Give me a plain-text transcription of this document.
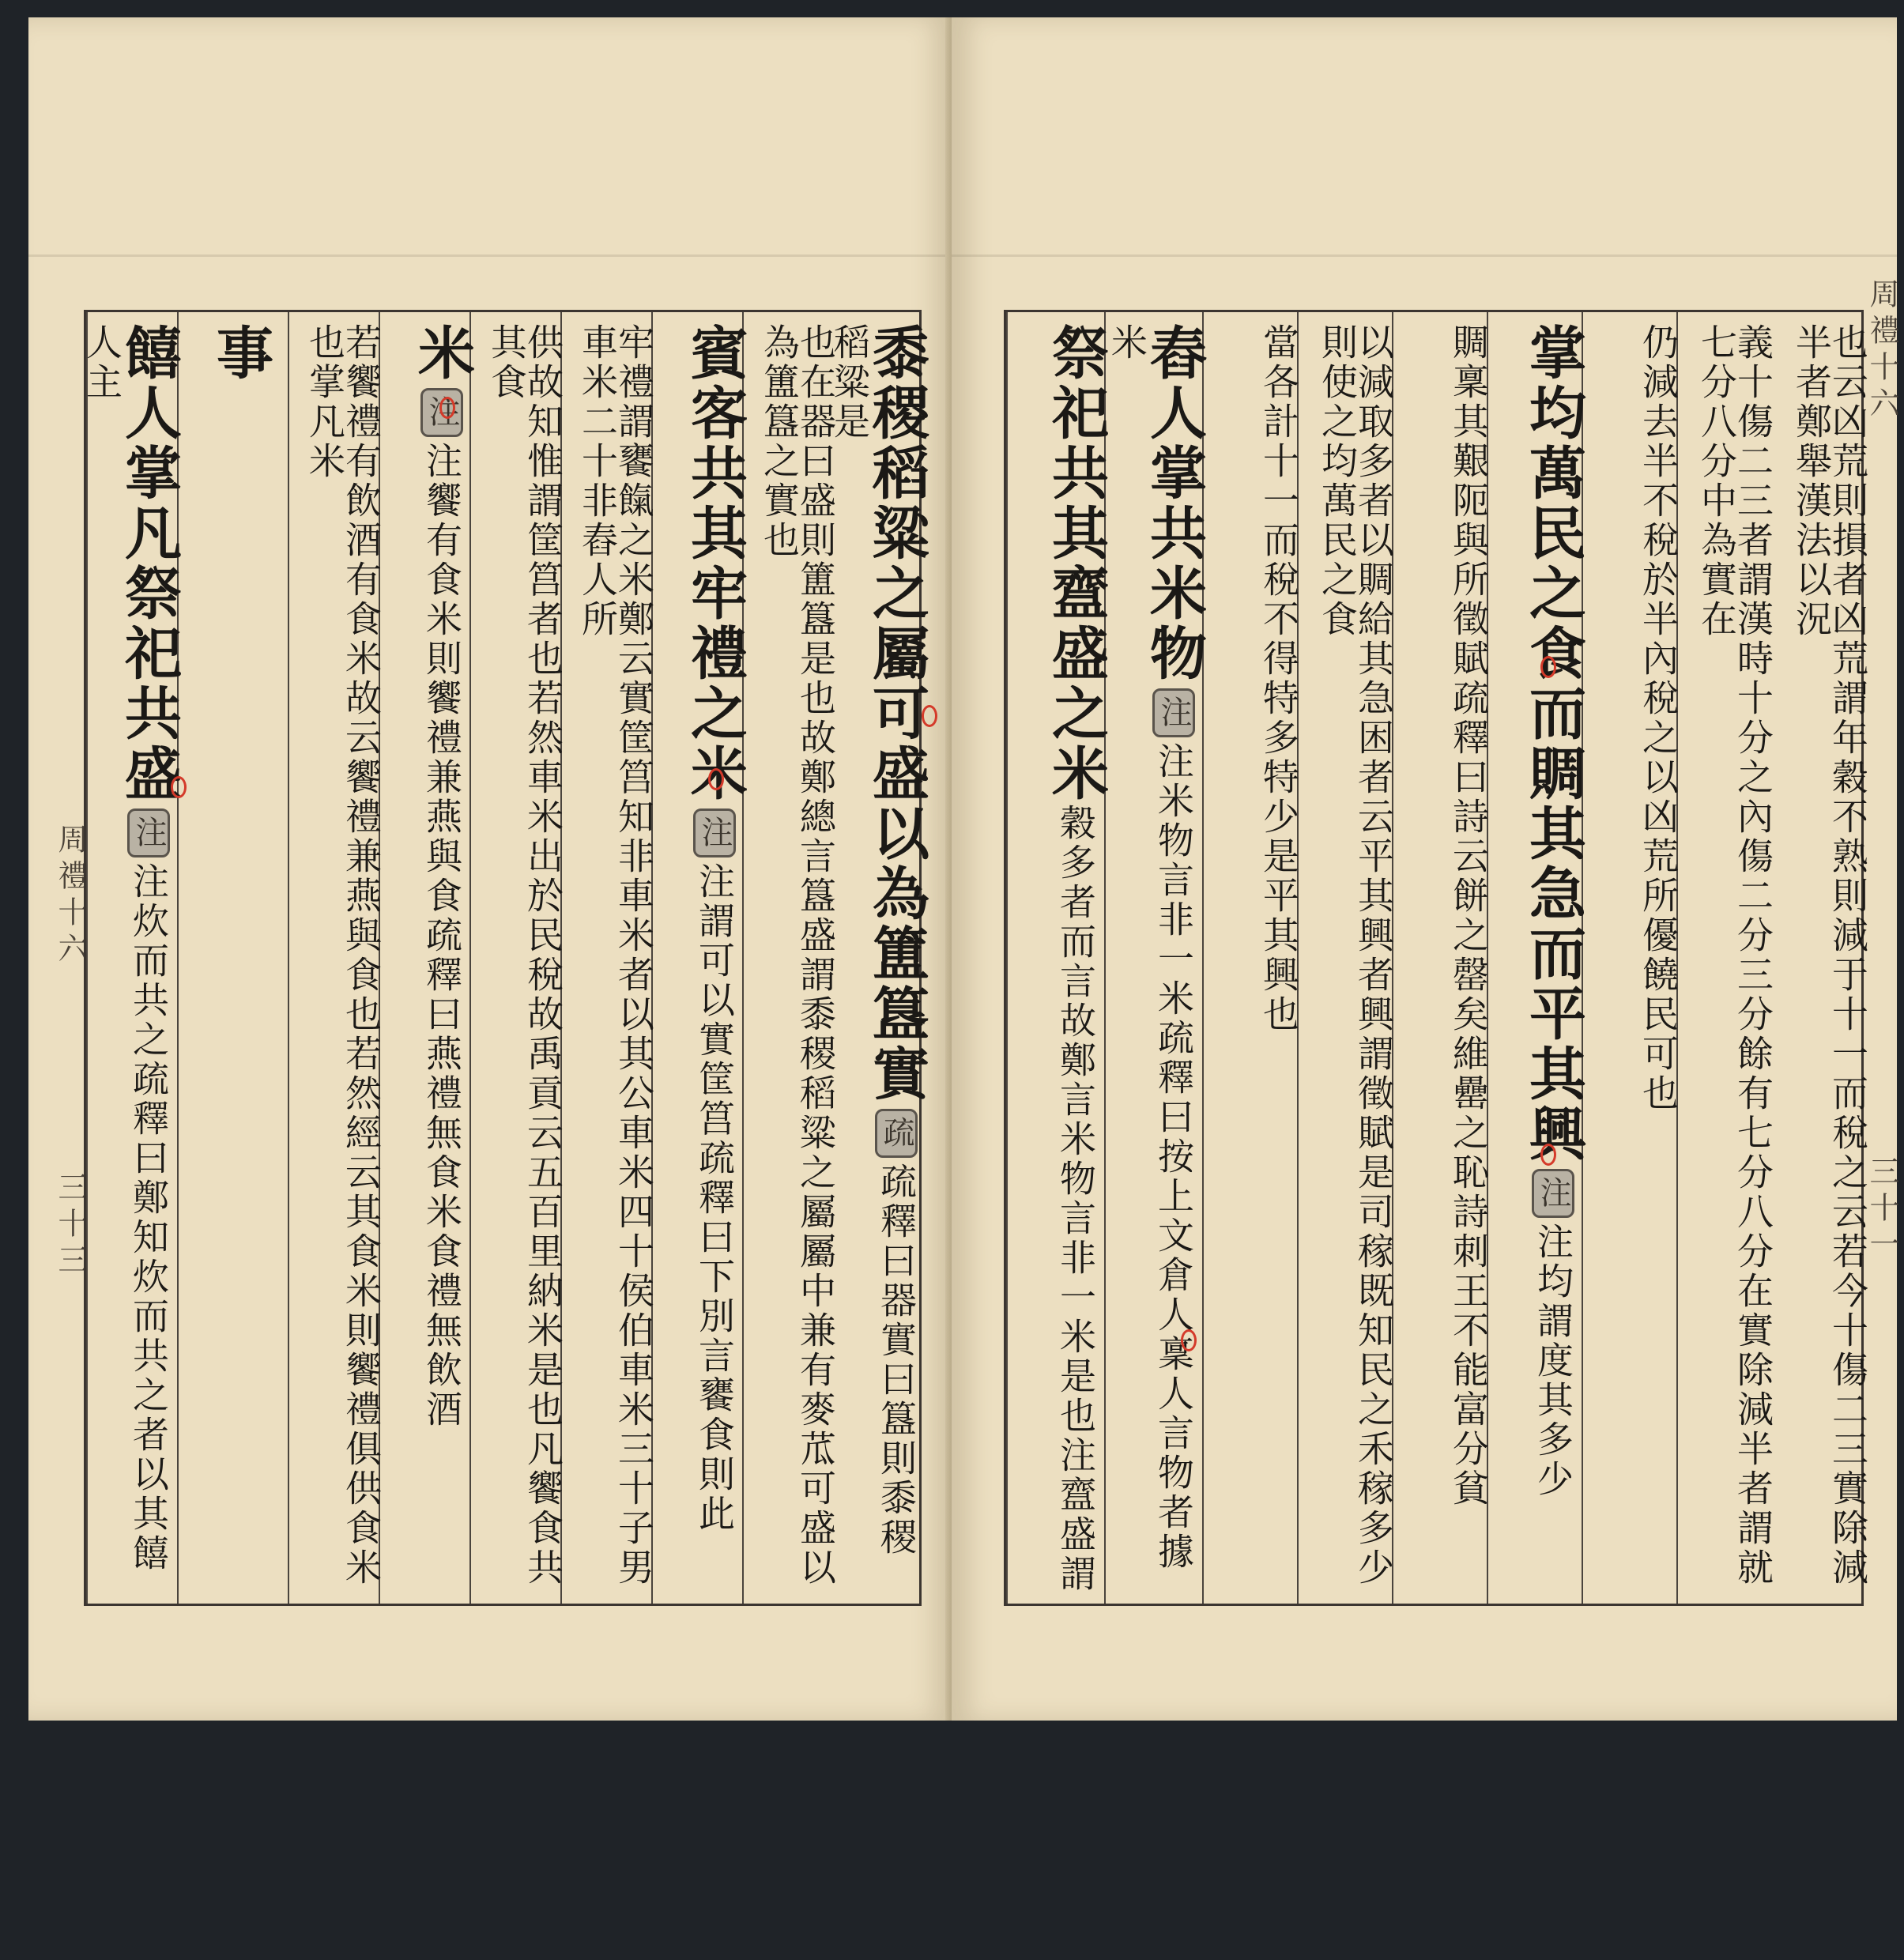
周禮十六
三十三
黍稷稻粱之屬可盛以為簠簋實疏疏釋曰器實曰簋則黍稷稻粱是
也在器曰盛則簠簋是也故鄭總言簋盛謂黍稷稻粱之屬屬中兼有麥苽可盛以為簠簋之實也
賓客共其牢禮之米注注謂可以實筐筥疏釋曰下別言饔食則此
牢禮謂饔餼之米鄭云實筐筥知非車米者以其公車米四十侯伯車米三十子男車米二十非舂人所
供故知惟謂筐筥者也若然車米出於民稅故禹貢云五百里納米是也凡饗食共其食
米注注饗有食米則饗禮兼燕與食疏釋曰燕禮無食米食禮無飲酒
若饗禮有飲酒有食米故云饗禮兼燕與食也若然經云其食米則饗禮俱供食米也掌凡米
事
饎人掌凡祭祀共盛注注炊而共之疏釋曰鄭知炊而共之者以其饎人主	周禮十六
三十一
也云凶荒則損者凶荒謂年穀不熟則減于十一而稅之云若今十傷二三實除減半者鄭舉漢法以況
義十傷二三者謂漢時十分之內傷二分三分餘有七分八分在實除減半者謂就七分八分中為實在
仍減去半不稅於半內稅之以凶荒所優饒民可也
掌均萬民之食而賙其急而平其興注注均謂度其多少
賙稟其艱阨與所徵賦疏釋曰詩云餅之罄矣維罍之恥詩刺王不能富分貧
以減取多者以賙給其急困者云平其興者興謂徵賦是司稼既知民之禾稼多少則使之均萬民之食
當各計十一而稅不得特多特少是平其興也
舂人掌共米物注注米物言非一米疏釋曰按上文倉人稟人言物者據米
祭祀共其齍盛之米穀多者而言故鄭言米物言非一米是也注齍盛謂
